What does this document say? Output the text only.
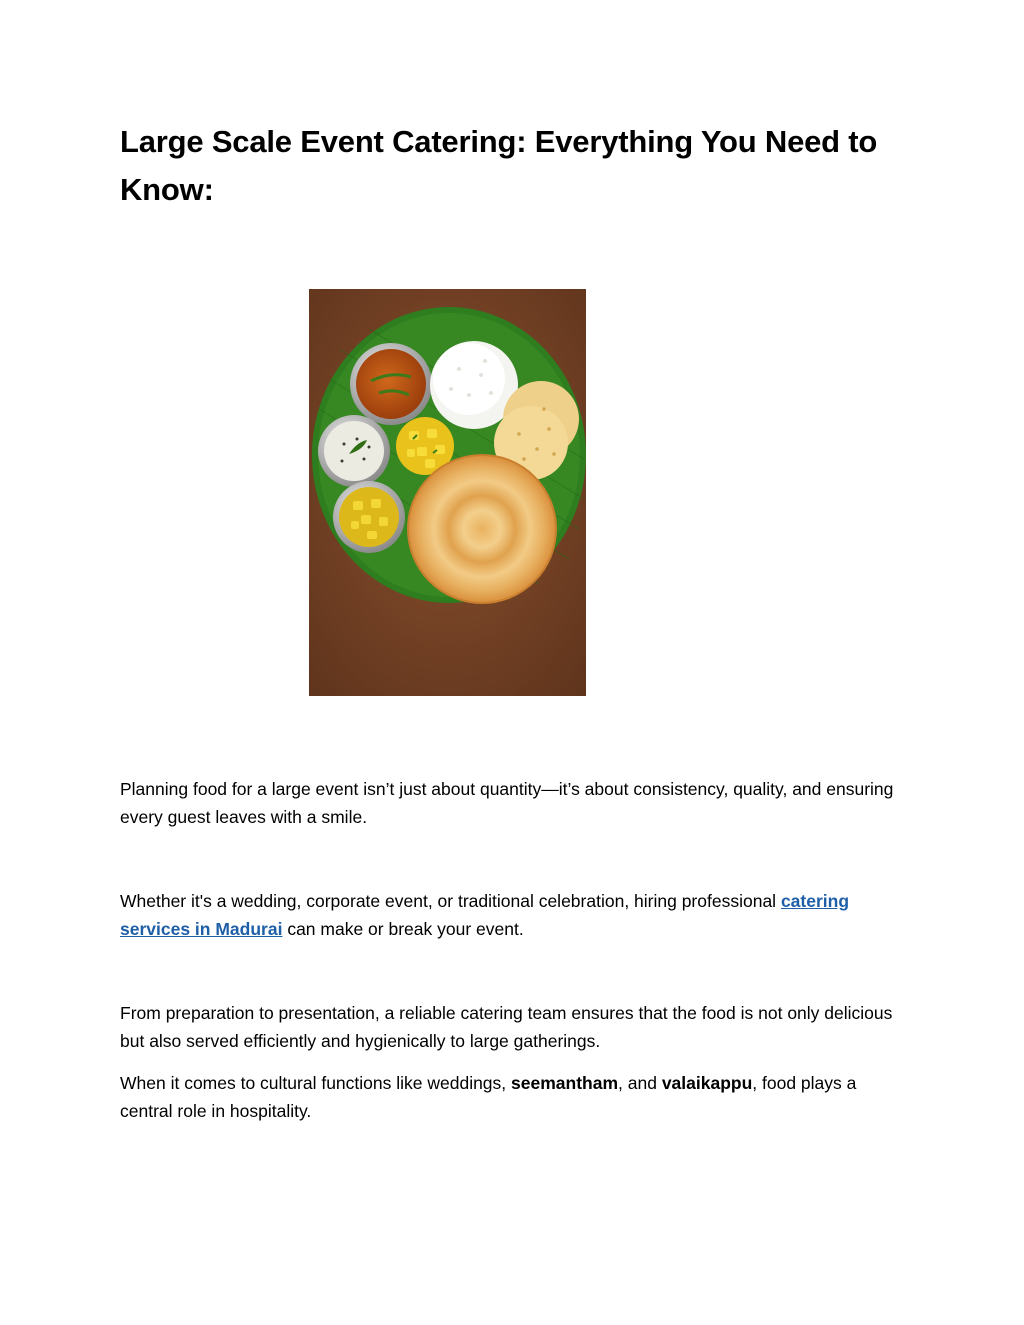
Large Scale Event Catering: Everything You Need to Know:

Planning food for a large event isn’t just about quantity—it’s about consistency, quality, and ensuring every guest leaves with a smile.

Whether it's a wedding, corporate event, or traditional celebration, hiring professional catering services in Madurai can make or break your event.

From preparation to presentation, a reliable catering team ensures that the food is not only delicious but also served efficiently and hygienically to large gatherings.

When it comes to cultural functions like weddings, seemantham, and valaikappu, food plays a central role in hospitality.
